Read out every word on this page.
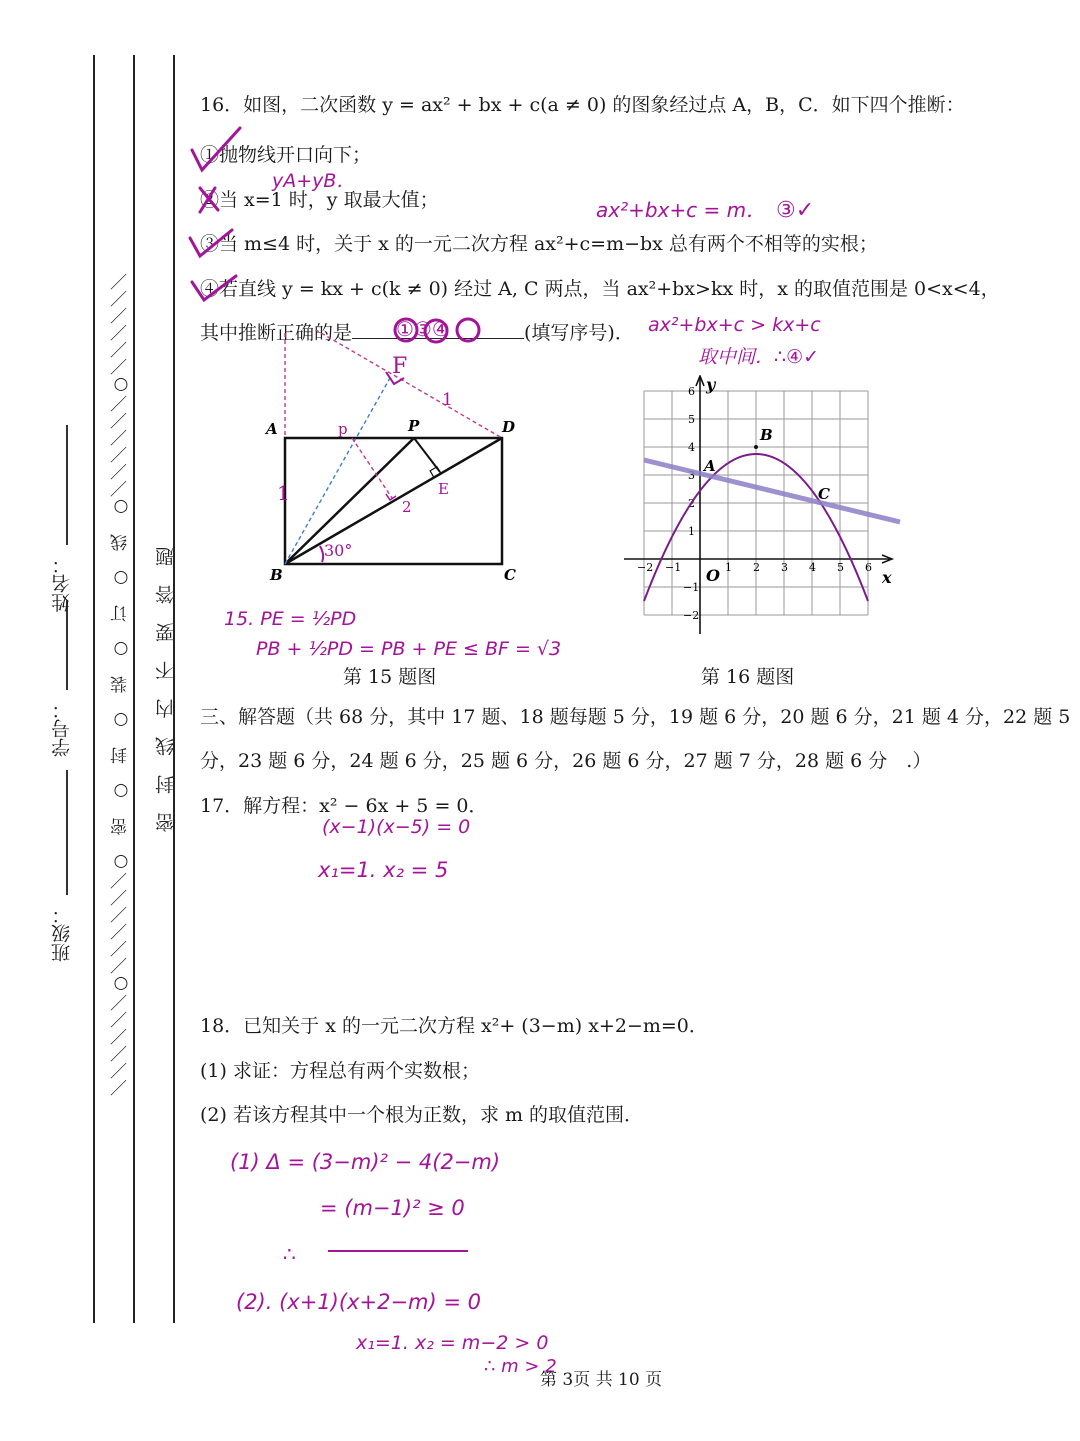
班级：
学号：
姓名： ／／／／／／○／／／／／／○　密　○　封　○　装　○　订　○　线　○／／／／／／○／／／／／／ 密　封　线　内　不　要　答　题
16．如图，二次函数 y = ax² + bx + c(a ≠ 0) 的图象经过点 A，B，C．如下四个推断：
①抛物线开口向下；
②当 x=1 时，y 取最大值；
③当 m≤4 时，关于 x 的一元二次方程 ax²+c=m−bx 总有两个不相等的实根；
④若直线 y = kx + c(k ≠ 0) 经过 A, C 两点，当 ax²+bx>kx 时，x 的取值范围是 0<x<4，
其中推断正确的是	(填写序号)．
yA+yB．
ax²+bx+c = m． ③✓
①③④	ax²+bx+c > kx+c
取中间．∴④✓
A
B	C
D
P
F
p
E
1
1
2
30°
15. PE = ½PD
PB + ½PD = PB + PE ≤ BF = √3
第 15 题图
x
y
O
−2 −1	1 2 3 4 5 6
6
5
4
3
2
1
−1
−2
A
B
C
第 16 题图
三、解答题（共 68 分，其中 17 题、18 题每题 5 分，19 题 6 分，20 题 6 分，21 题 4 分，22 题 5
分，23 题 6 分，24 题 6 分，25 题 6 分，26 题 6 分，27 题 7 分，28 题 6 分　.）
17．解方程：x² − 6x + 5 = 0．
(x−1)(x−5) = 0
x₁=1. x₂ = 5
18．已知关于 x 的一元二次方程 x²+ (3−m) x+2−m=0．
(1) 求证：方程总有两个实数根；
(2) 若该方程其中一个根为正数，求 m 的取值范围．
(1) Δ = (3−m)² − 4(2−m)
= (m−1)² ≥ 0
∴
(2). (x+1)(x+2−m) = 0
x₁=1. x₂ = m−2 > 0
∴ m > 2
第 3页 共 10 页
